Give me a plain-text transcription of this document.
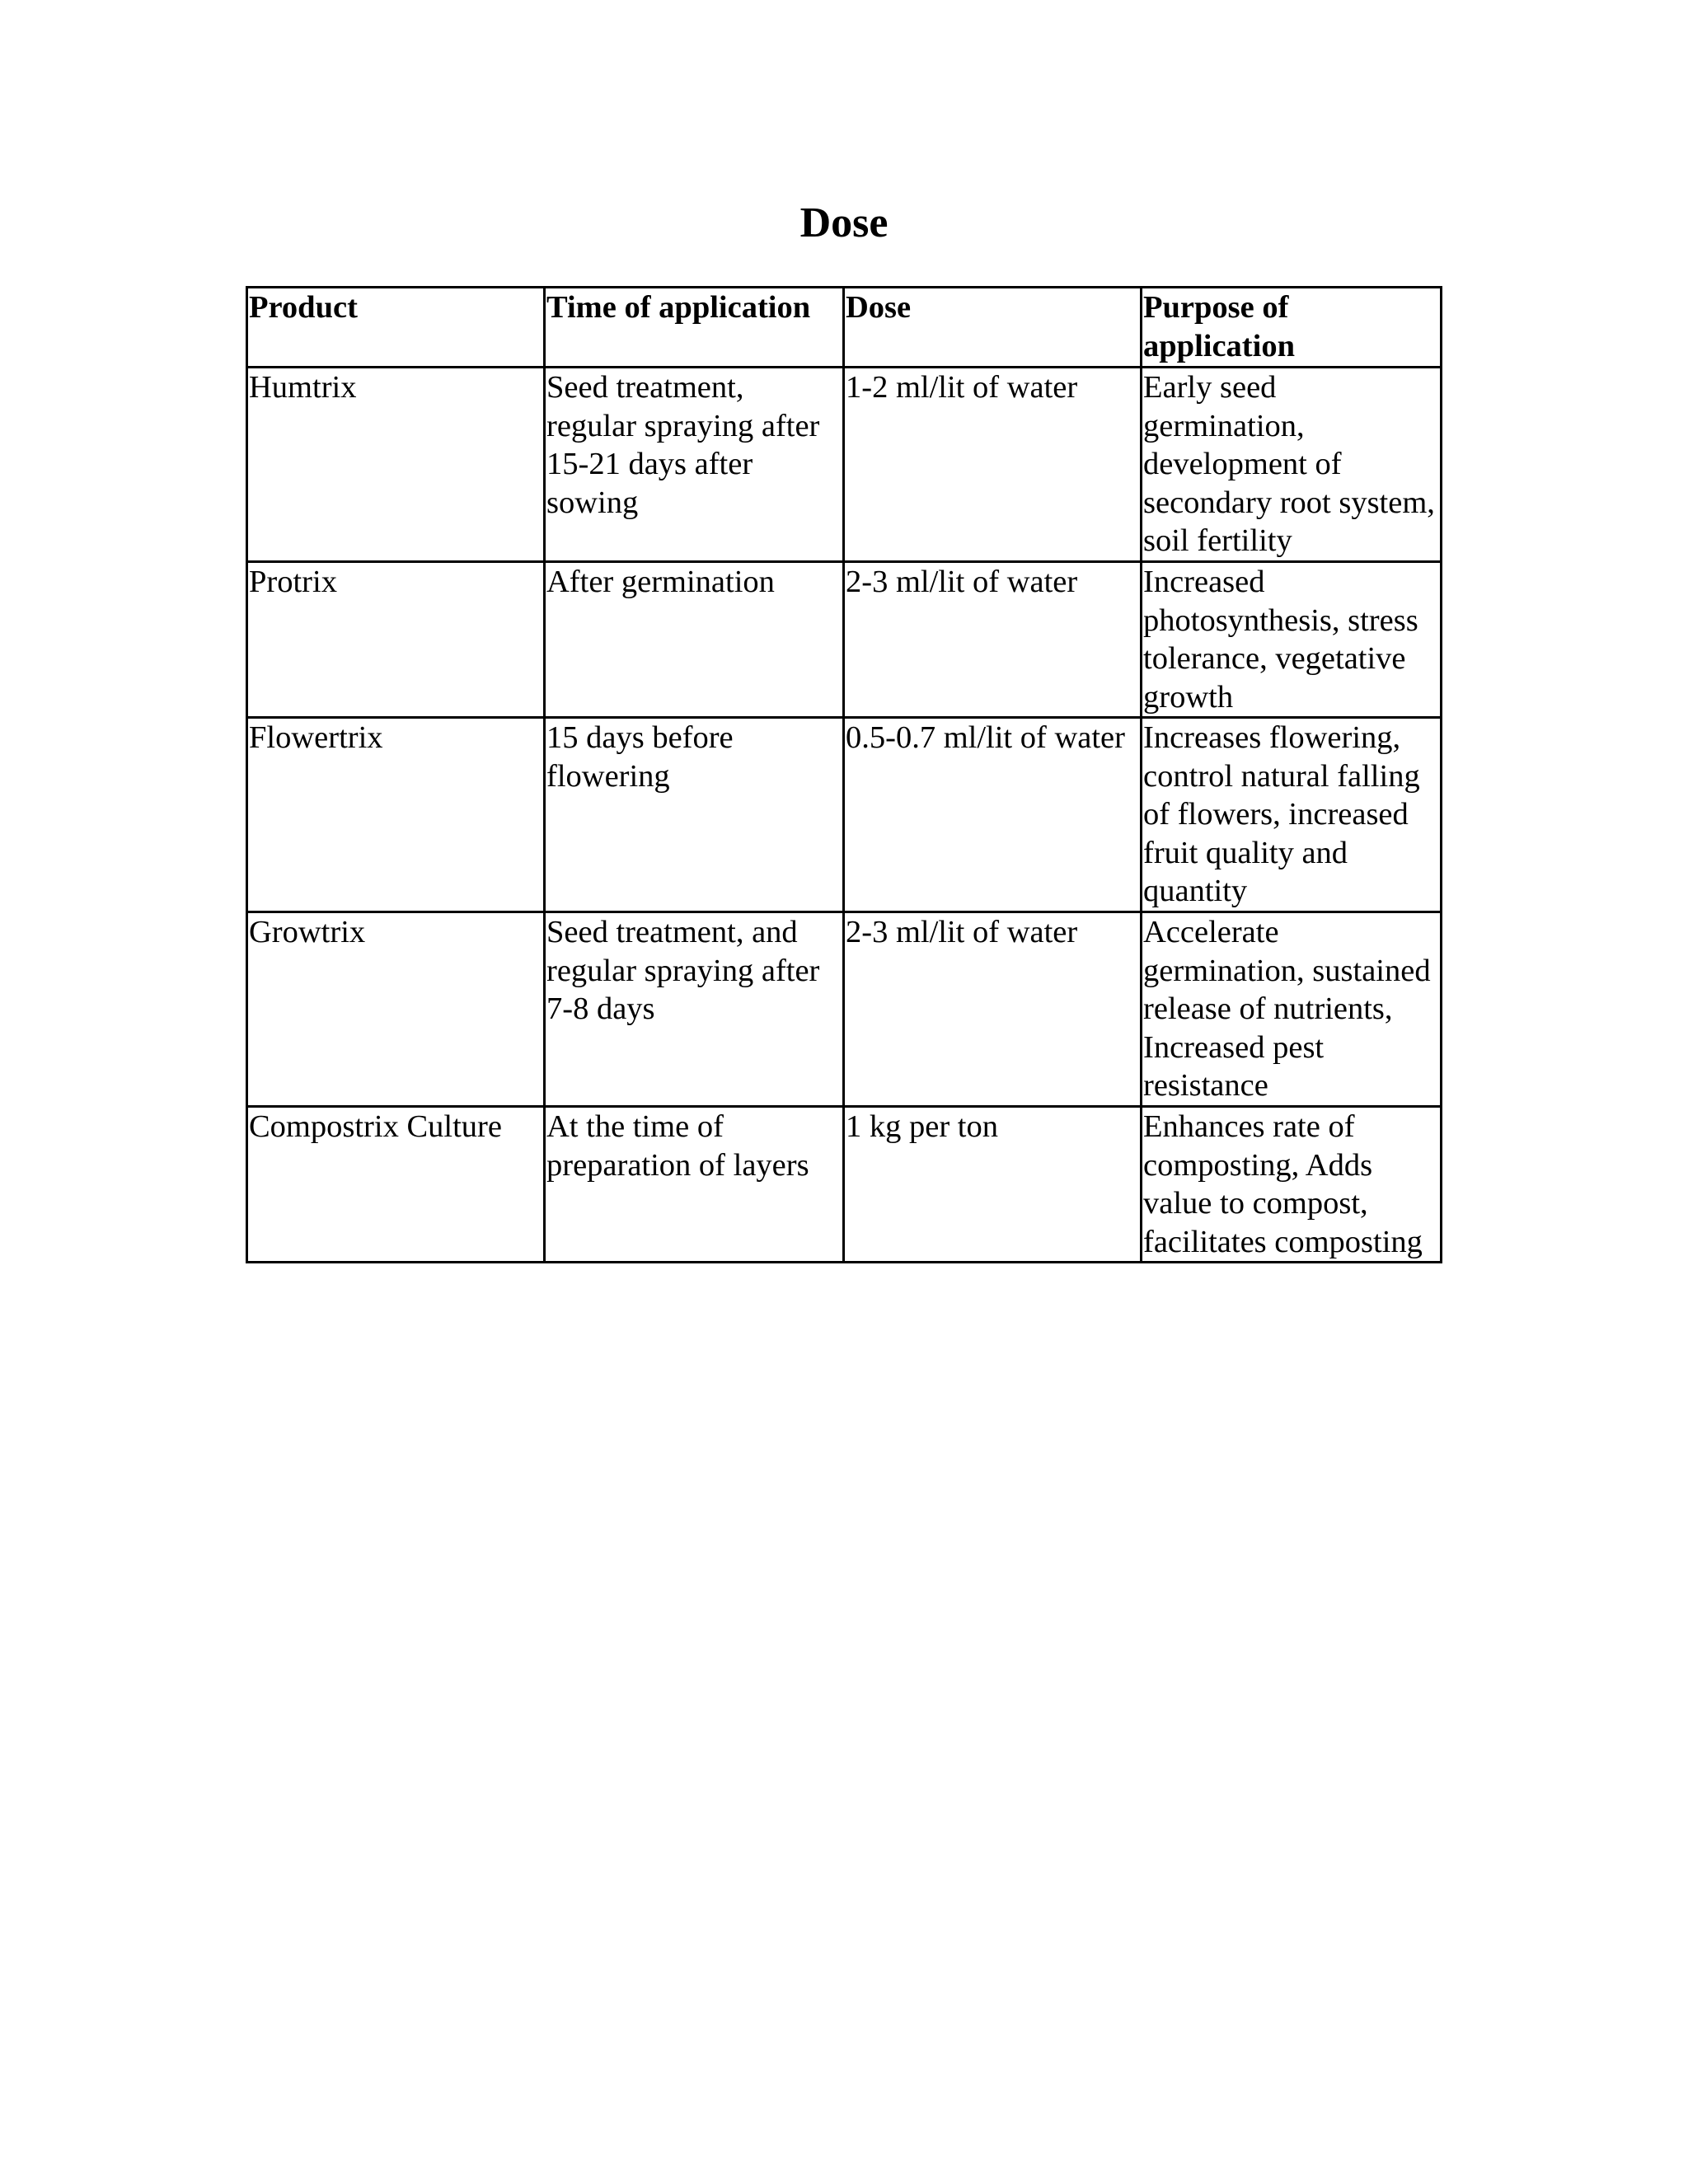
Dose
Product	Time of application	Dose	Purpose of application
Humtrix	Seed treatment, regular spraying after 15-21 days after sowing	1-2 ml/lit of water	Early seed germination, development of secondary root system, soil fertility
Protrix	After germination	2-3 ml/lit of water	Increased photosynthesis, stress tolerance, vegetative growth
Flowertrix	15 days before flowering	0.5-0.7 ml/lit of water	Increases flowering, control natural falling of flowers, increased fruit quality and quantity
Growtrix	Seed treatment, and regular spraying after 7-8 days	2-3 ml/lit of water	Accelerate germination, sustained release of nutrients, Increased pest resistance
Compostrix Culture	At the time of preparation of layers	1 kg per ton	Enhances rate of composting, Adds value to compost, facilitates composting
